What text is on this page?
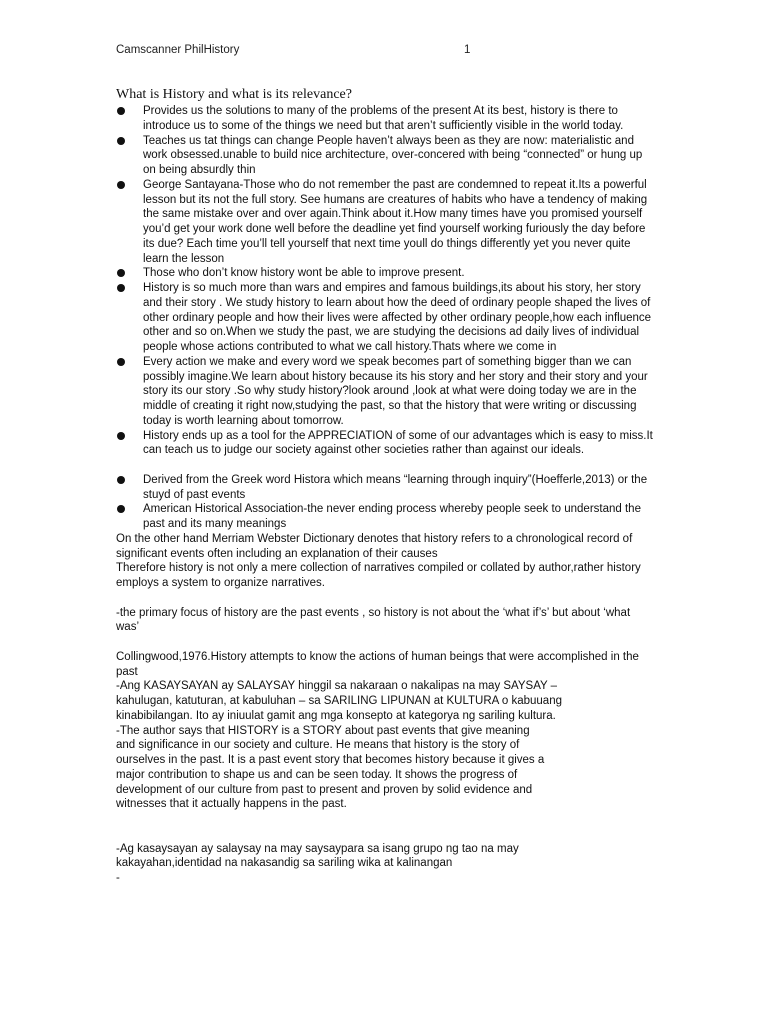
Camscanner PhilHistory	1
What is History and what is its relevance?
Provides us the solutions to many of the problems of the present At its best, history is there to introduce us to some of the things we need but that aren’t sufficiently visible in the world today.
Teaches us tat things can change People haven’t always been as they are now: materialistic and work obsessed.unable to build nice architecture, over-concered with being “connected” or hung up on being absurdly thin
George Santayana-Those who do not remember the past are condemned to repeat it.Its a powerful lesson but its not the full story. See humans are creatures of habits who have a tendency of making the same mistake over and over again.Think about it.How many times have you promised yourself you’d get your work done well before the deadline yet find yourself working furiously the day before its due? Each time you’ll tell yourself that next time youll do things differently yet you never quite learn the lesson
Those who don’t know history wont be able to improve present.
History is so much more than wars and empires and famous buildings,its about his story, her story and their story . We study history to learn about how the deed of ordinary people shaped the lives of other ordinary people and how their lives were affected by other ordinary people,how each influence other and so on.When we study the past, we are studying the decisions ad daily lives of individual people whose actions contributed to what we call history.Thats where we come in
Every action we make and every word we speak becomes part of something bigger than we can possibly imagine.We learn about history because its his story and her story and their story and your story its our story .So why study history?look around ,look at what were doing today we are in the middle of creating it right now,studying the past, so that the history that were writing or discussing today is worth learning about tomorrow.
History ends up as a tool for the APPRECIATION of some of our advantages which is easy to miss.It can teach us to judge our society against other societies rather than against our ideals.
Derived from the Greek word Histora which means “learning through inquiry”(Hoefferle,2013) or the stuyd of past events
American Historical Association-the never ending process whereby people seek to understand the past and its many meanings

On the other hand Merriam Webster Dictionary denotes that history refers to a chronological record of significant events often including an explanation of their causes

Therefore history is not only a mere collection of narratives compiled or collated by author,rather history employs a system to organize narratives.

-the primary focus of history are the past events , so history is not about the ‘what if’s’ but about ‘what was’

Collingwood,1976.History attempts to know the actions of human beings that were accomplished in the past

-Ang KASAYSAYAN ay SALAYSAY hinggil sa nakaraan o nakalipas na may SAYSAY –
kahulugan, katuturan, at kabuluhan – sa SARILING LIPUNAN at KULTURA o kabuuang
kinabibilangan. Ito ay iniuulat gamit ang mga konsepto at kategorya ng sariling kultura.

-The author says that HISTORY is a STORY about past events that give meaning
and significance in our society and culture. He means that history is the story of
ourselves in the past. It is a past event story that becomes history because it gives a
major contribution to shape us and can be seen today. It shows the progress of
development of our culture from past to present and proven by solid evidence and
witnesses that it actually happens in the past.

-Ag kasaysayan ay salaysay na may saysaypara sa isang grupo ng tao na may
kakayahan,identidad na nakasandig sa sariling wika at kalinangan

-
